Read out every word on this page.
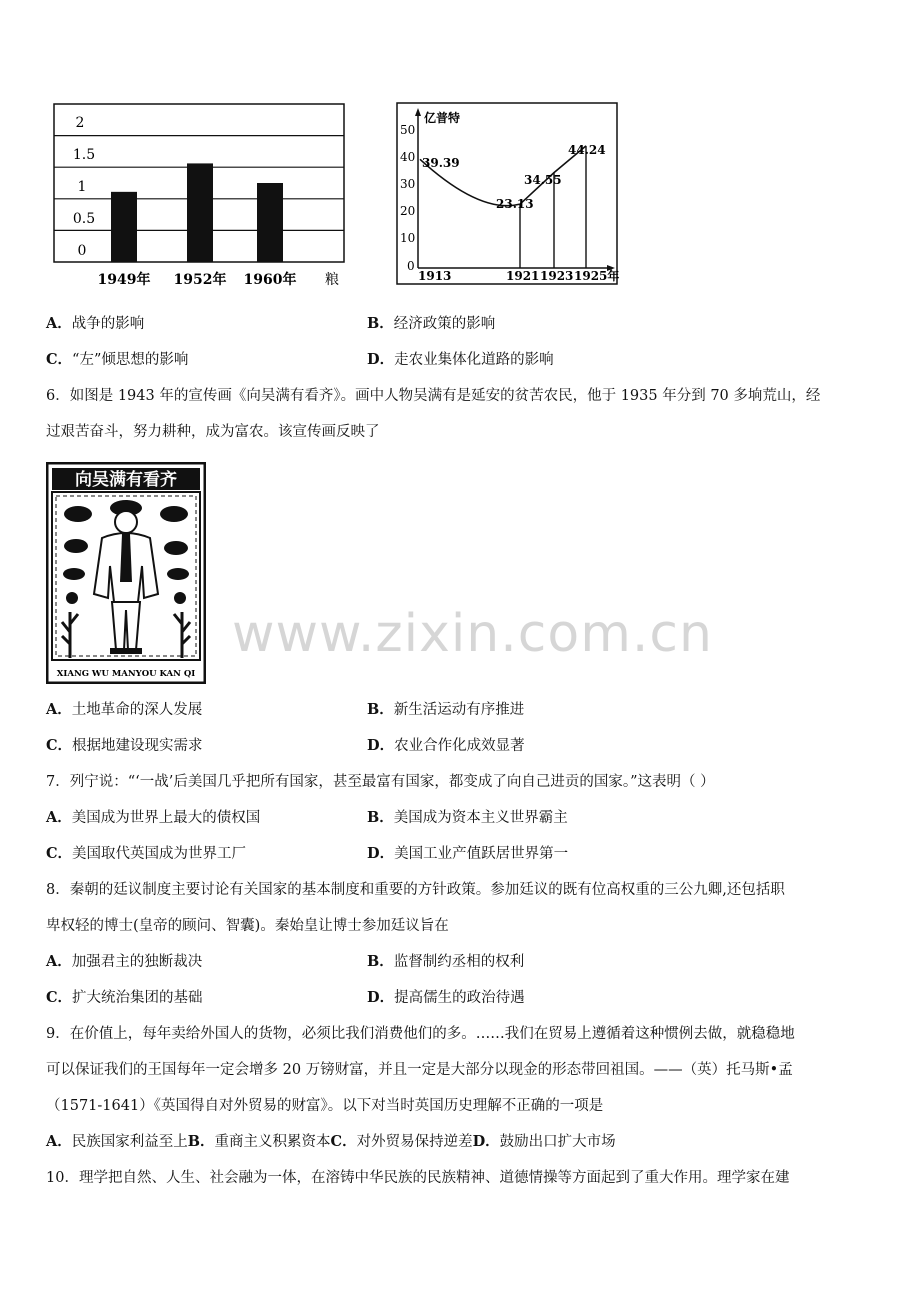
2
1.5
1
0.5
0
1949年 1952年 1960年 粮
亿普特
50
40
30
20
10
0
1913	1921 1923 1925年
39.39
23.13
34.55
44.24
A．战争的影响	B．经济政策的影响
C．“左”倾思想的影响	D．走农业集体化道路的影响
6．如图是 1943 年的宣传画《向吴满有看齐》。画中人物吴满有是延安的贫苦农民，他于 1935 年分到 70 多垧荒山，经
过艰苦奋斗，努力耕种，成为富农。该宣传画反映了
向吴满有看齐
XIANG WU MANYOU KAN QI
www.zixin.com.cn
A．土地革命的深人发展	B．新生活运动有序推进
C．根据地建设现实需求	D．农业合作化成效显著
7．列宁说：“‘一战’后美国几乎把所有国家，甚至最富有国家，都变成了向自己进贡的国家。”这表明（ ）
A．美国成为世界上最大的债权国	B．美国成为资本主义世界霸主
C．美国取代英国成为世界工厂	D．美国工业产值跃居世界第一
8．秦朝的廷议制度主要讨论有关国家的基本制度和重要的方针政策。参加廷议的既有位高权重的三公九卿,还包括职
卑权轻的博士(皇帝的顾问、智囊)。秦始皇让博士参加廷议旨在
A．加强君主的独断裁决	B．监督制约丞相的权利
C．扩大统治集团的基础	D．提高儒生的政治待遇
9．在价值上，每年卖给外国人的货物，必须比我们消费他们的多。……我们在贸易上遵循着这种惯例去做，就稳稳地
可以保证我们的王国每年一定会增多 20 万镑财富，并且一定是大部分以现金的形态带回祖国。——（英）托马斯•孟
（1571-1641）《英国得自对外贸易的财富》。以下对当时英国历史理解不正确的一项是
A．民族国家利益至上B．重商主义积累资本C．对外贸易保持逆差D．鼓励出口扩大市场
10．理学把自然、人生、社会融为一体，在溶铸中华民族的民族精神、道德情操等方面起到了重大作用。理学家在建
